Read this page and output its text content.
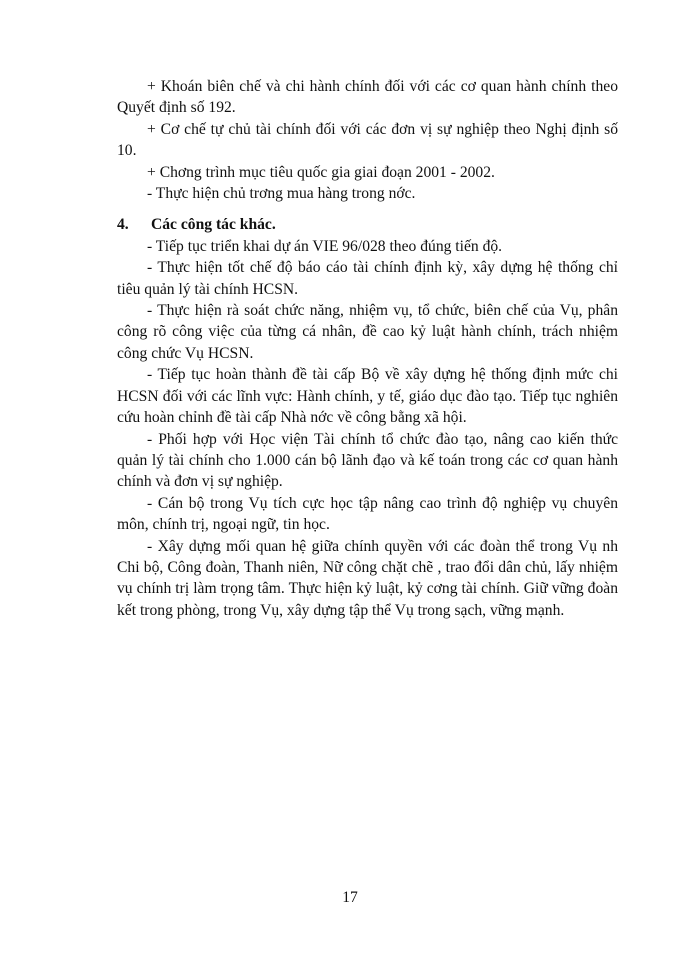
+ Khoán biên chế và chi hành chính đối với các cơ quan hành chính theo Quyết định số 192.

+ Cơ chế tự chủ tài chính đối với các đơn vị sự nghiệp theo Nghị định số 10.

+ Chơng trình mục tiêu quốc gia giai đoạn 2001 - 2002.

- Thực hiện chủ trơng mua hàng trong nớc.

4.	Các công tác khác.

- Tiếp tục triển khai dự án VIE 96/028 theo đúng tiến độ.

- Thực hiện tốt chế độ báo cáo tài chính định kỳ, xây dựng hệ thống chỉ tiêu quản lý tài chính HCSN.

- Thực hiện rà soát chức năng, nhiệm vụ, tổ chức, biên chế của Vụ, phân công rõ công việc của từng cá nhân, đề cao kỷ luật hành chính, trách nhiệm công chức Vụ HCSN.

- Tiếp tục hoàn thành đề tài cấp Bộ về xây dựng hệ thống định mức chi HCSN đối với các lĩnh vực: Hành chính, y tế, giáo dục đào tạo. Tiếp tục nghiên cứu hoàn chỉnh đề tài cấp Nhà nớc về công bằng xã hội.

- Phối hợp với Học viện Tài chính tổ chức đào tạo, nâng cao kiến thức quản lý tài chính cho 1.000 cán bộ lãnh đạo và kế toán trong các cơ quan hành chính và đơn vị sự nghiệp.

- Cán bộ trong Vụ tích cực học tập nâng cao trình độ nghiệp vụ chuyên môn, chính trị, ngoại ngữ, tin học.

- Xây dựng mối quan hệ giữa chính quyền với các đoàn thể trong Vụ nh Chi bộ, Công đoàn, Thanh niên, Nữ công chặt chẽ , trao đổi dân chủ, lấy nhiệm vụ chính trị làm trọng tâm. Thực hiện kỷ luật, kỷ cơng tài chính. Giữ vững đoàn kết trong phòng, trong Vụ, xây dựng tập thể Vụ trong sạch, vững mạnh.

17
